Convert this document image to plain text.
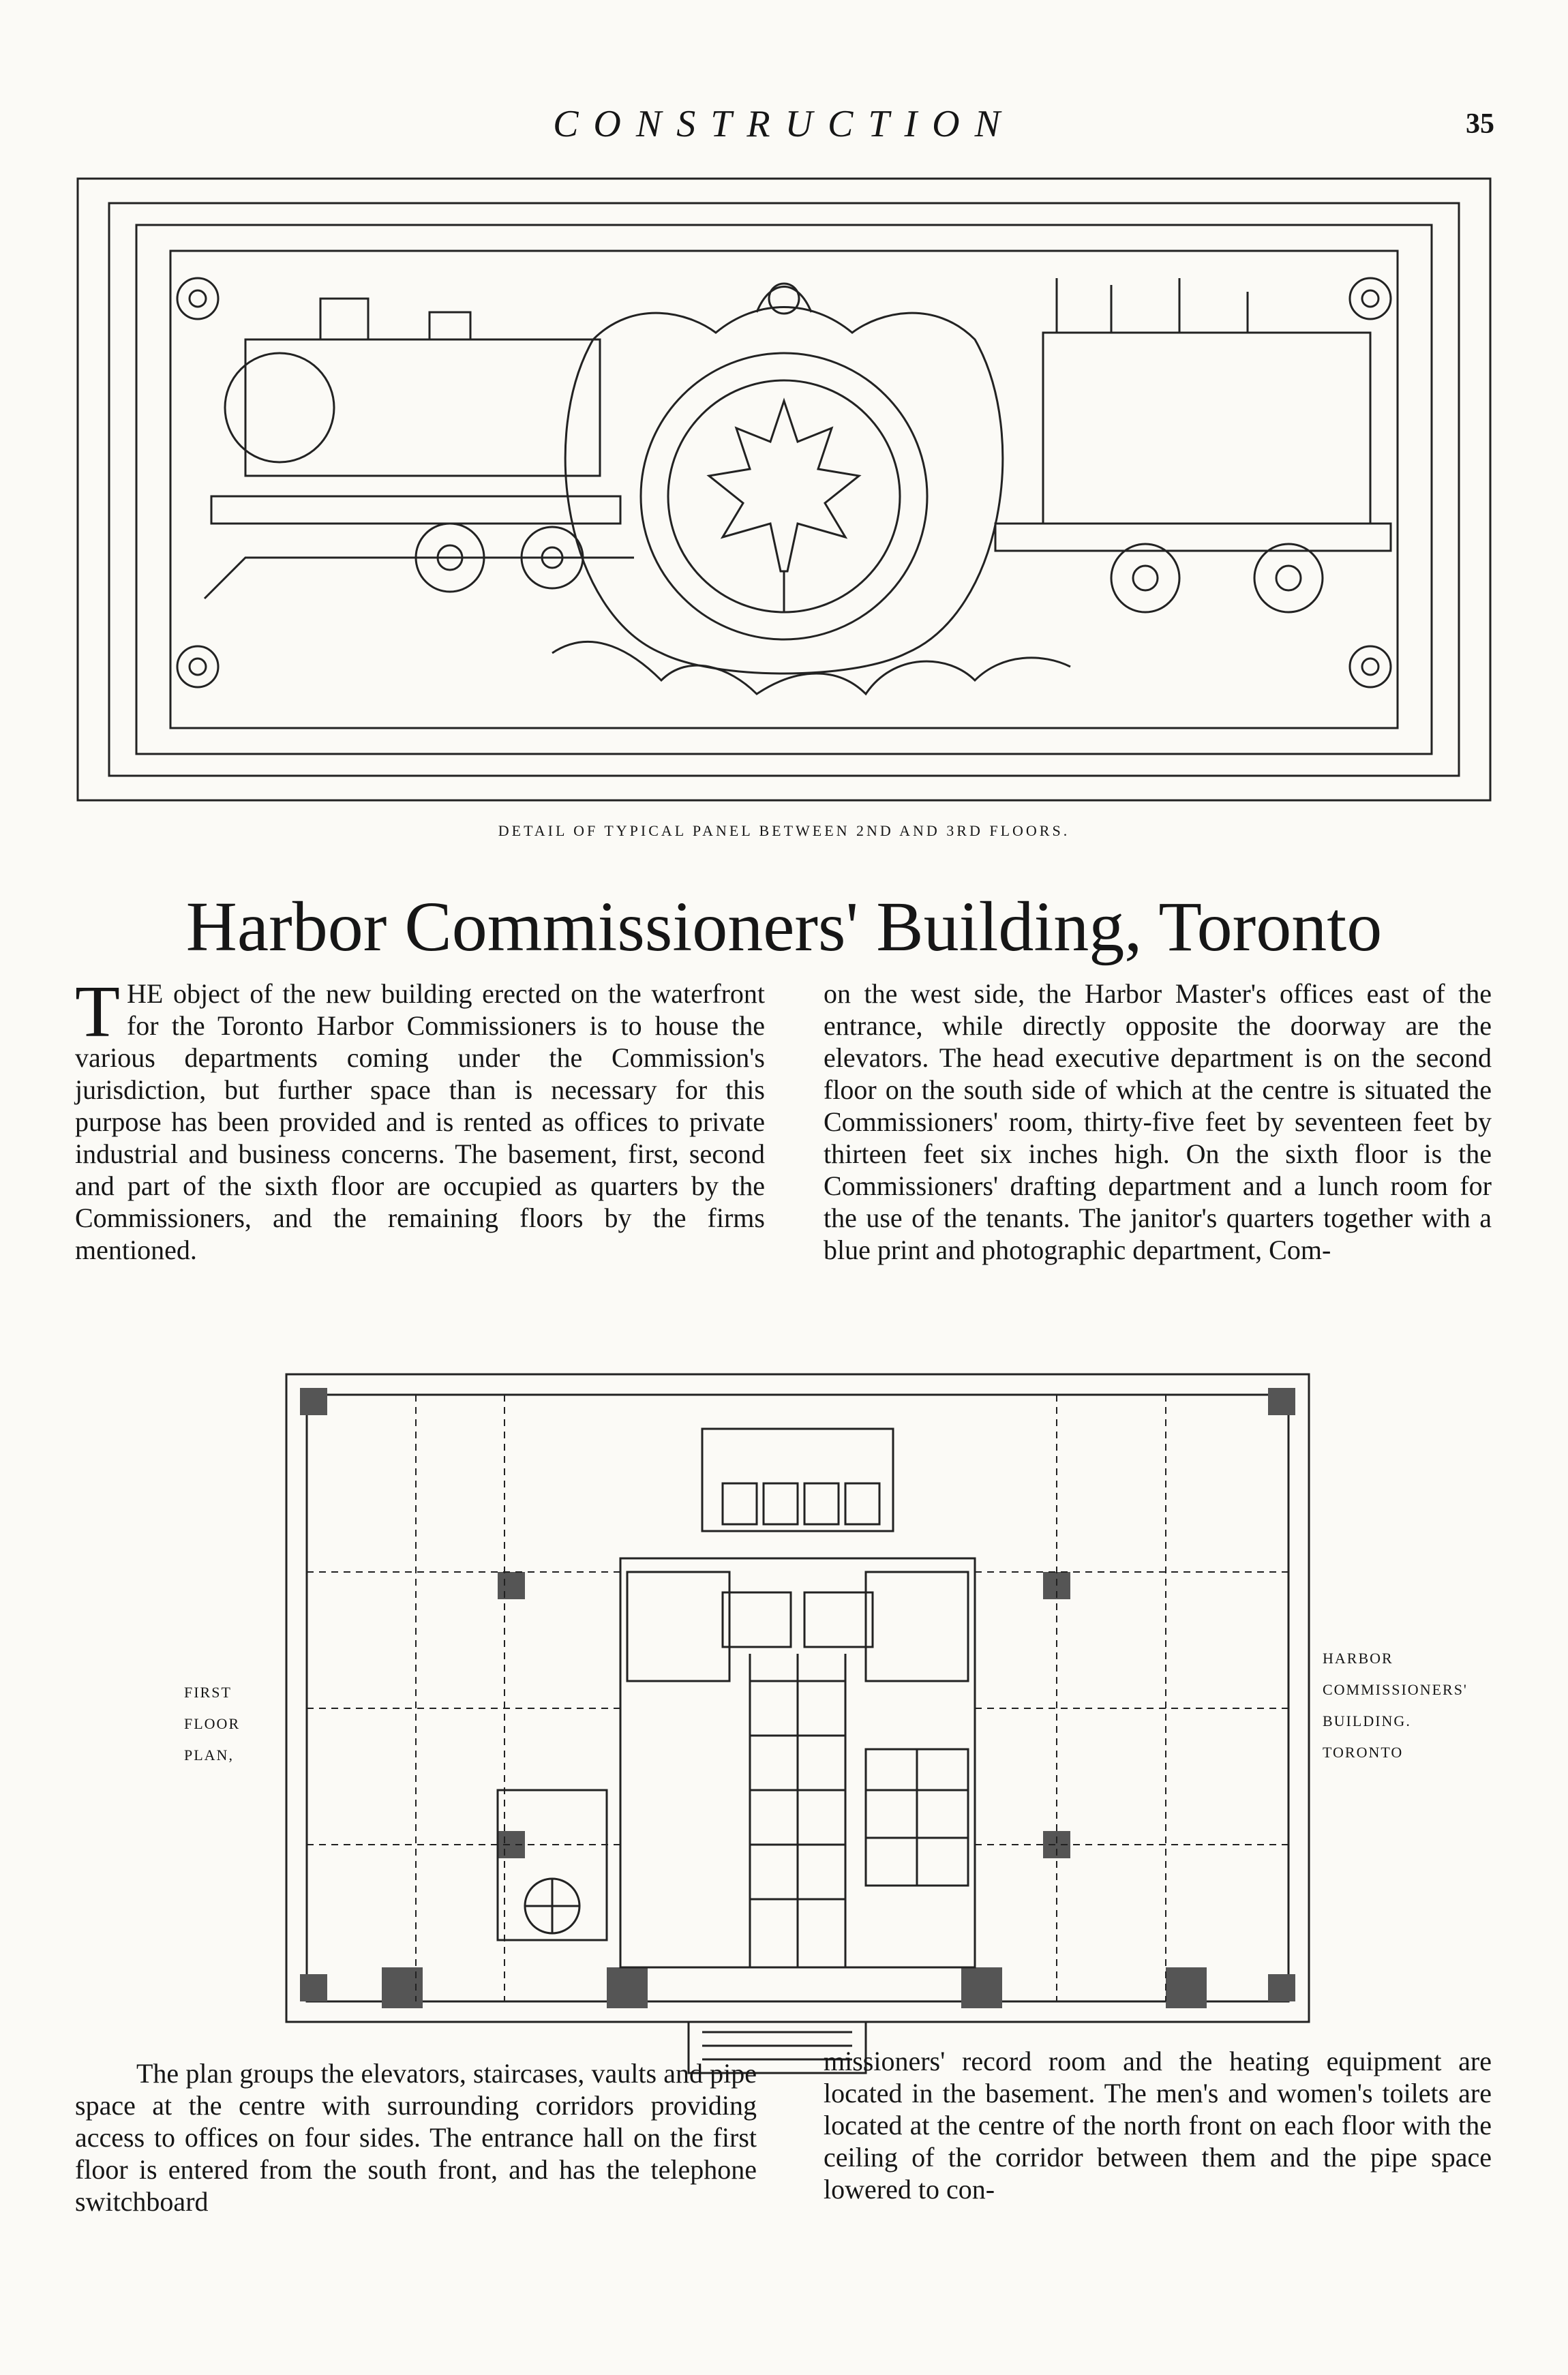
CONSTRUCTION	35
DETAIL OF TYPICAL PANEL BETWEEN 2ND AND 3RD FLOORS.
Harbor Commissioners' Building, Toronto

THE object of the new building erected on the waterfront for the Toronto Harbor Commissioners is to house the various departments coming under the Commission's jurisdiction, but further space than is necessary for this purpose has been provided and is rented as offices to private industrial and business concerns. The basement, first, second and part of the sixth floor are occupied as quarters by the Commissioners, and the remaining floors by the firms mentioned.

on the west side, the Harbor Master's offices east of the entrance, while directly opposite the doorway are the elevators. The head executive department is on the second floor on the south side of which at the centre is situated the Commissioners' room, thirty-five feet by seventeen feet by thirteen feet six inches high. On the sixth floor is the Commissioners' drafting department and a lunch room for the use of the tenants. The janitor's quarters together with a blue print and photographic department, Com-

FIRST
FLOOR
PLAN,
HARBOR
COMMISSIONERS'
BUILDING.
TORONTO

The plan groups the elevators, staircases, vaults and pipe space at the centre with surrounding corridors providing access to offices on four sides. The entrance hall on the first floor is entered from the south front, and has the telephone switchboard

missioners' record room and the heating equipment are located in the basement. The men's and women's toilets are located at the centre of the north front on each floor with the ceiling of the corridor between them and the pipe space lowered to con-
